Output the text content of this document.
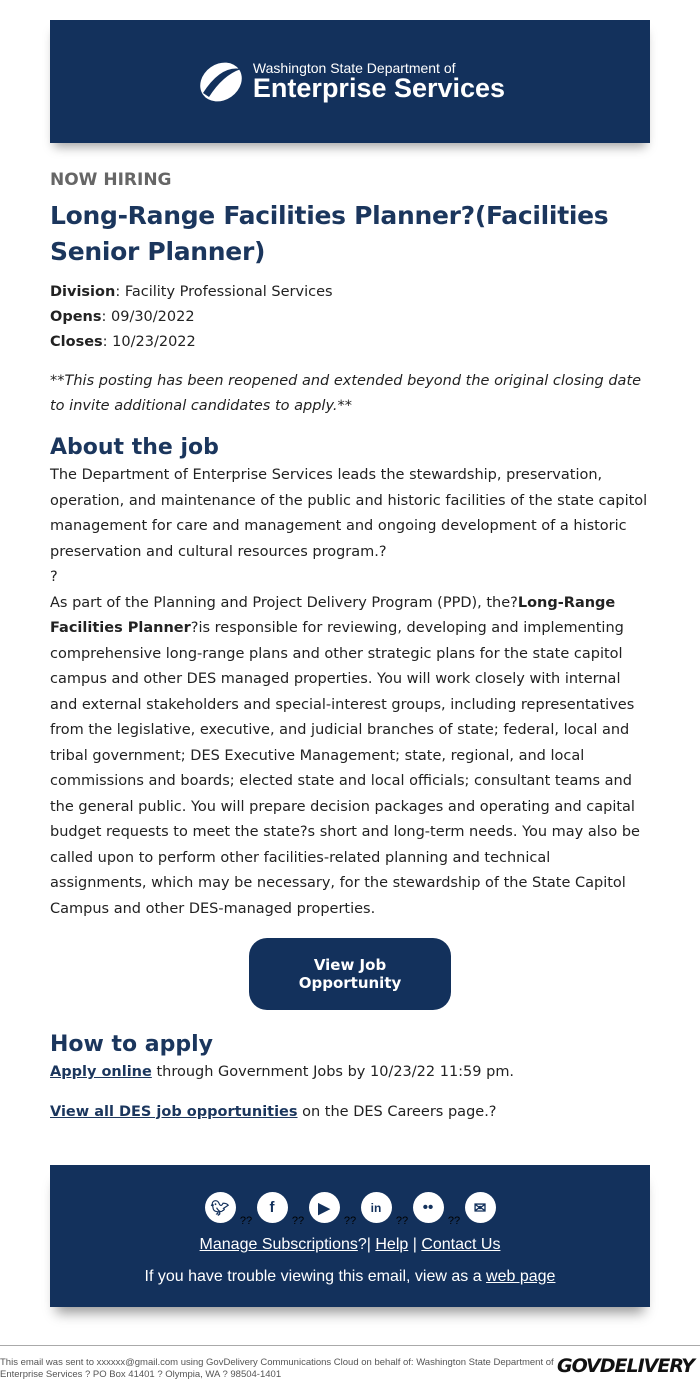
Washington State Department of
Enterprise Services
NOW HIRING
Long-Range Facilities Planner?(Facilities Senior Planner)
Division: Facility Professional Services
Opens: 09/30/2022
Closes: 10/23/2022
**This posting has been reopened and extended beyond the original closing date to invite additional candidates to apply.**
About the job

The Department of Enterprise Services leads the stewardship, preservation, operation, and maintenance of the public and historic facilities of the state capitol management for care and management and ongoing development of a historic preservation and cultural resources program.?

?

As part of the Planning and Project Delivery Program (PPD), the?Long-Range Facilities Planner?is responsible for reviewing, developing and implementing comprehensive long-range plans and other strategic plans for the state capitol campus and other DES managed properties. You will work closely with internal and external stakeholders and special-interest groups, including representatives from the legislative, executive, and judicial branches of state; federal, local and tribal government; DES Executive Management; state, regional, and local commissions and boards; elected state and local officials; consultant teams and the general public. You will prepare decision packages and operating and capital budget requests to meet the state?s short and long-term needs. You may also be called upon to perform other facilities-related planning and technical assignments, which may be necessary, for the stewardship of the State Capitol Campus and other DES-managed properties.

View Job Opportunity
How to apply

Apply online through Government Jobs by 10/23/22 11:59 pm.

View all DES job opportunities on the DES Careers page.?

🐦︎
??
f
??
▶
??
in
??
••
??
✉
Manage Subscriptions?| Help | Contact Us
If you have trouble viewing this email, view as a web page
This email was sent to xxxxxx@gmail.com using GovDelivery Communications Cloud on behalf of: Washington State Department of Enterprise Services ? PO Box 41401 ? Olympia, WA ? 98504-1401	GOVDELIVERY
